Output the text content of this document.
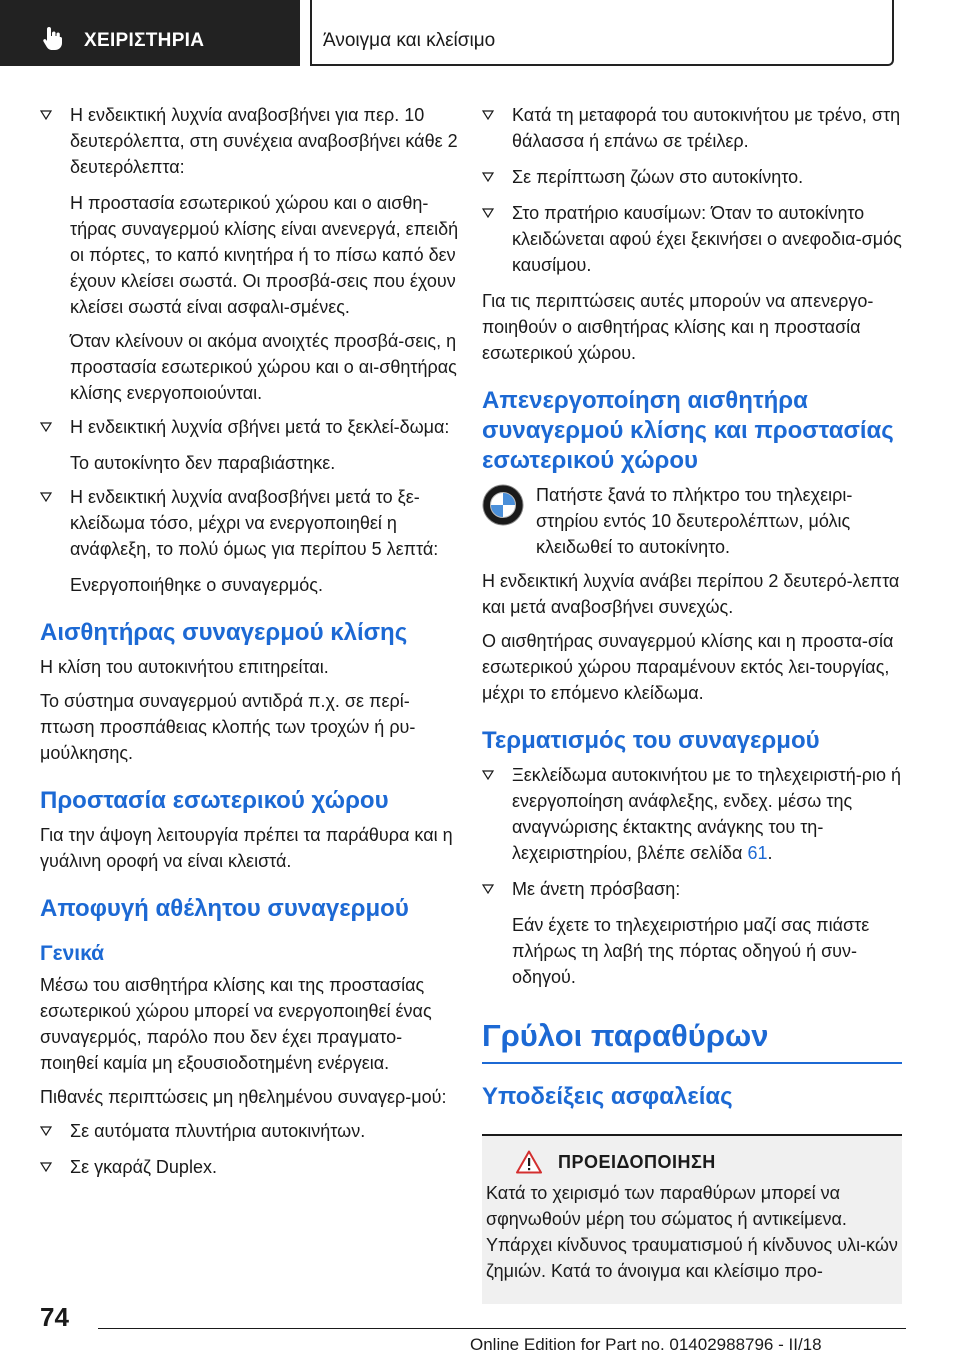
ΧΕΙΡΙΣΤΗΡΙΑ	Άνοιγμα και κλείσιμο
Η ενδεικτική λυχνία αναβοσβήνει για περ. 10 δευτερόλεπτα, στη συνέχεια αναβοσβήνει κάθε 2 δευτερόλεπτα:
Η προστασία εσωτερικού χώρου και ο αισθη-τήρας συναγερμού κλίσης είναι ανενεργά, επειδή οι πόρτες, το καπό κινητήρα ή το πίσω καπό δεν έχουν κλείσει σωστά. Οι προσβά-σεις που έχουν κλείσει σωστά είναι ασφαλι-σμένες.
Όταν κλείνουν οι ακόμα ανοιχτές προσβά-σεις, η προστασία εσωτερικού χώρου και ο αι-σθητήρας κλίσης ενεργοποιούνται.
Η ενδεικτική λυχνία σβήνει μετά το ξεκλεί-δωμα:
Το αυτοκίνητο δεν παραβιάστηκε.
Η ενδεικτική λυχνία αναβοσβήνει μετά το ξε-κλείδωμα τόσο, μέχρι να ενεργοποιηθεί η ανάφλεξη, το πολύ όμως για περίπου 5 λεπτά:
Ενεργοποιήθηκε ο συναγερμός.
Αισθητήρας συναγερμού κλίσης
Η κλίση του αυτοκινήτου επιτηρείται.
Το σύστημα συναγερμού αντιδρά π.χ. σε περί-πτωση προσπάθειας κλοπής των τροχών ή ρυ-μούλκησης.
Προστασία εσωτερικού χώρου
Για την άψογη λειτουργία πρέπει τα παράθυρα και η γυάλινη οροφή να είναι κλειστά.
Αποφυγή αθέλητου συναγερμού
Γενικά
Μέσω του αισθητήρα κλίσης και της προστασίας εσωτερικού χώρου μπορεί να ενεργοποιηθεί ένας συναγερμός, παρόλο που δεν έχει πραγματο-ποιηθεί καμία μη εξουσιοδοτημένη ενέργεια.
Πιθανές περιπτώσεις μη ηθελημένου συναγερ-μού:
Σε αυτόματα πλυντήρια αυτοκινήτων.
Σε γκαράζ Duplex.
Κατά τη μεταφορά του αυτοκινήτου με τρένο, στη θάλασσα ή επάνω σε τρέιλερ.
Σε περίπτωση ζώων στο αυτοκίνητο.
Στο πρατήριο καυσίμων: Όταν το αυτοκίνητο κλειδώνεται αφού έχει ξεκινήσει ο ανεφοδια-σμός καυσίμου.
Για τις περιπτώσεις αυτές μπορούν να απενεργο-ποιηθούν ο αισθητήρας κλίσης και η προστασία εσωτερικού χώρου.
Απενεργοποίηση αισθητήρα συναγερμού κλίσης και προστασίας εσωτερικού χώρου
Πατήστε ξανά το πλήκτρο του τηλεχειρι-στηρίου εντός 10 δευτερολέπτων, μόλις κλειδωθεί το αυτοκίνητο.
Η ενδεικτική λυχνία ανάβει περίπου 2 δευτερό-λεπτα και μετά αναβοσβήνει συνεχώς.
Ο αισθητήρας συναγερμού κλίσης και η προστα-σία εσωτερικού χώρου παραμένουν εκτός λει-τουργίας, μέχρι το επόμενο κλείδωμα.
Τερματισμός του συναγερμού
Ξεκλείδωμα αυτοκινήτου με το τηλεχειριστή-ριο ή ενεργοποίηση ανάφλεξης, ενδεχ. μέσω της αναγνώρισης έκτακτης ανάγκης του τη-λεχειριστηρίου, βλέπε σελίδα 61.
Με άνετη πρόσβαση:
Εάν έχετε το τηλεχειριστήριο μαζί σας πιάστε πλήρως τη λαβή της πόρτας οδηγού ή συν-οδηγού.
Γρύλοι παραθύρων
Υποδείξεις ασφαλείας
ΠΡΟΕΙΔΟΠΟΙΗΣΗ
Κατά το χειρισμό των παραθύρων μπορεί να σφηνωθούν μέρη του σώματος ή αντικείμενα. Υπάρχει κίνδυνος τραυματισμού ή κίνδυνος υλι-κών ζημιών. Κατά το άνοιγμα και κλείσιμο προ-
74
Online Edition for Part no. 01402988796 - II/18
